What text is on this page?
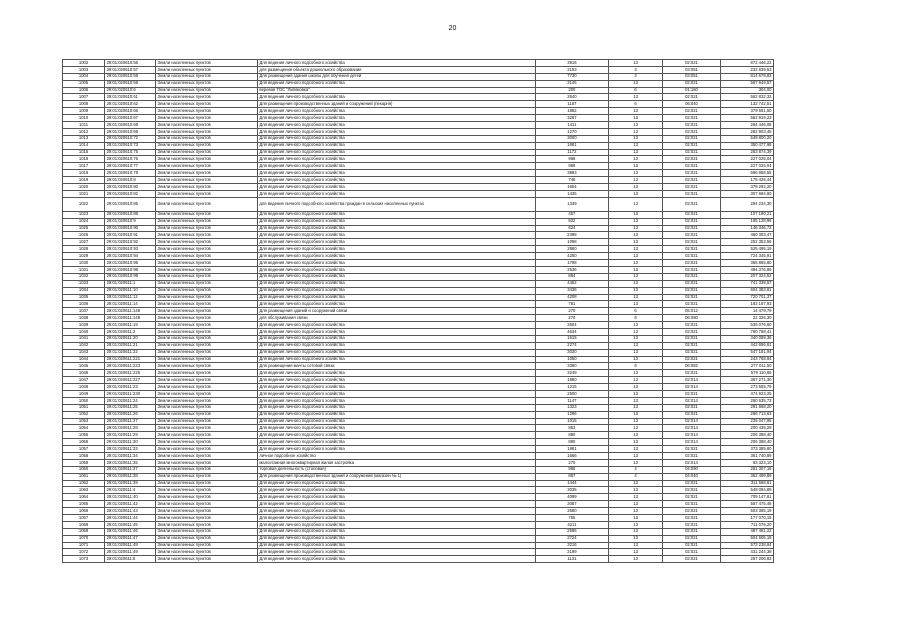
20
1002	29:01:020610:56	Земли населенных пунктов	Для ведения личного подсобного хозяйства	3916	13	02:021	672 446,22
1003	29:01:020610:57	Земли населенных пунктов	для размещения объекта дошкольного образования	2193	3	03:051	232 839,53
1004	29:01:020610:58	Земли населенных пунктов	Для размещения здания школы для обучения детей	7730	3	03:051	814 678,83
1005	29:01:020610:59	Земли населенных пунктов	Для ведения личного подсобного хозяйства	3145	13	02:021	567 949,57
1006	29:01:020610:6	Земли населенных пунктов	веревая ТОС "Липяковка"	200	6	01:160	304,00
1007	29:01:020610:61	Земли населенных пунктов	Для ведения личного подсобного хозяйства	2640	13	02:021	562 832,32
1008	29:01:020610:62	Земли населенных пунктов	Для размещения производственных зданий и сооружений (пекарня)	1167	6	06:040	132 742,51
1009	29:01:020610:66	Земли населенных пунктов	Для ведения личного подсобного хозяйства	1882	13	02:021	379 591,50
1010	29:01:020610:67	Земли населенных пунктов	Для ведения личного подсобного хозяйства	3267	13	02:021	562 919,23
1011	29:01:020610:68	Земли населенных пунктов	Для ведения личного подсобного хозяйства	1411	13	02:021	264 446,08
1012	29:01:020610:69	Земли населенных пунктов	Для ведения личного подсобного хозяйства	1270	13	02:021	282 903,45
1013	29:01:020610:72	Земли населенных пунктов	Для ведения личного подсобного хозяйства	3000	13	02:021	548 800,20
1014	29:01:020610:73	Земли населенных пунктов	Для ведения личного подсобного хозяйства	1681	13	02:021	350 477,98
1015	29:01:020610:75	Земли населенных пунктов	Для ведения личного подсобного хозяйства	1172	13	02:021	263 874,39
1016	29:01:020610:76	Земли населенных пунктов	Для ведения личного подсобного хозяйства	968	13	02:021	227 025,04
1017	29:01:020610:77	Земли населенных пунктов	Для ведения личного подсобного хозяйства	968	13	02:021	227 025,04
1018	29:01:020610:78	Земли населенных пунктов	Для ведения личного подсобного хозяйства	3893	13	02:021	666 958,55
1019	29:01:020610:8	Земли населенных пунктов	Для ведения личного подсобного хозяйства	748	13	02:021	175 426,44
1020	29:01:020610:80	Земли населенных пунктов	Для ведения личного подсобного хозяйства	1654	13	02:021	378 292,20
1021	29:01:020610:82	Земли населенных пунктов	Для ведения личного подсобного хозяйства	1435	13	02:021	307 684,60
1022	29:01:020610:85	Земли населенных пунктов	для ведения личного подсобного хозяйства граждан в сельских населенных пунктах	1349	13	02:021	294 234,30
1023	29:01:020610:88	Земли населенных пунктов	Для ведения личного подсобного хозяйства	457	13	02:021	107 180,21
1024	29:01:020610:9	Земли населенных пунктов	Для ведения личного подсобного хозяйства	832	13	02:021	195 128,96
1025	29:01:020610:90	Земли населенных пунктов	Для ведения личного подсобного хозяйства	624	13	02:021	146 346,72
1026	29:01:020610:91	Земли населенных пунктов	Для ведения личного подсобного хозяйства	2398	13	02:021	460 303,47
1027	29:01:020610:92	Земли населенных пунктов	Для ведения личного подсобного хозяйства	1098	13	02:021	252 353,56
1028	29:01:020610:93	Земли населенных пунктов	Для ведения личного подсобного хозяйства	2880	13	02:021	525 495,19
1029	29:01:020610:94	Земли населенных пунктов	Для ведения личного подсобного хозяйства	4250	13	02:021	724 345,91
1030	29:01:020610:95	Земли населенных пунктов	Для ведения личного подсобного хозяйства	1798	13	02:021	365 865,80
1031	29:01:020610:98	Земли населенных пунктов	Для ведения личного подсобного хозяйства	2536	13	02:021	494 376,86
1032	29:01:020610:99	Земли населенных пунктов	Для ведения личного подсобного хозяйства	884	13	02:021	207 324,52
1033	29:01:020611:1	Земли населенных пунктов	Для ведения личного подсобного хозяйства	4452	13	02:021	741 338,57
1034	29:01:020611:10	Земли населенных пунктов	Для ведения личного подсобного хозяйства	3436	13	02:021	604 383,81
1035	29:01:020611:12	Земли населенных пунктов	Для ведения личного подсобного хозяйства	4208	13	02:021	720 701,37
1036	29:01:020611:14	Земли населенных пунктов	Для ведения личного подсобного хозяйства	781	13	02:021	183 167,93
1037	29:01:020611:148	Земли населенных пунктов	Для размещения зданий и сооружений связи	270	6	05:012	14 479,79
1038	29:01:020611:149	Земли населенных пунктов	для обслуживания связи	270	6	06:080	22 326,30
1039	29:01:020611:19	Земли населенных пунктов	Для ведения личного подсобного хозяйства	2604	13	02:021	536 076,60
1040	29:01:020611:2	Земли населенных пунктов	Для ведения личного подсобного хозяйства	4634	13	02:021	760 768,41
1041	29:01:020611:20	Земли населенных пунктов	Для ведения личного подсобного хозяйства	1615	13	02:021	340 089,36
1042	29:01:020611:21	Земли населенных пунктов	Для ведения личного подсобного хозяйства	2274	13	02:021	442 656,61
1043	29:01:020611:22	Земли населенных пунктов	Для ведения личного подсобного хозяйства	3030	13	02:021	547 181,94
1044	29:01:020611:221	Земли населенных пунктов	Для ведения личного подсобного хозяйства	1050	13	02:021	243 768,94
1045	29:01:020611:223	Земли населенных пунктов	Для размещения мачты сотовой связи	3390	6	06:082	277 011,50
1046	29:01:020611:225	Земли населенных пунктов	Для ведения личного подсобного хозяйства	3249	13	02:021	579 110,86
1047	29:01:020611:227	Земли населенных пунктов	Для ведения личного подсобного хозяйства	1880	13	02:014	367 271,30
1048	29:01:020611:23	Земли населенных пунктов	Для ведения личного подсобного хозяйства	1215	13	02:014	273 555,79
1049	29:01:020611:230	Земли населенных пунктов	Для ведения личного подсобного хозяйства	2500	13	02:021	474 923,25
1050	29:01:020611:24	Земли населенных пунктов	Для ведения личного подсобного хозяйства	1147	13	02:014	260 535,73
1051	29:01:020611:25	Земли населенных пунктов	Для ведения личного подсобного хозяйства	1323	13	02:021	291 668,20
1052	29:01:020611:26	Земли населенных пунктов	Для ведения личного подсобного хозяйства	1296	13	02:021	286 713,63
1053	29:01:020611:27	Земли населенных пунктов	Для ведения личного подсобного хозяйства	1015	13	02:014	235 047,95
1054	29:01:020611:28	Земли населенных пунктов	Для ведения личного подсобного хозяйства	853	13	02:014	200 435,29
1055	29:01:020611:29	Земли населенных пунктов	Для ведения личного подсобного хозяйства	880	13	02:014	206 388,40
1056	29:01:020611:30	Земли населенных пунктов	Для ведения личного подсобного хозяйства	880	13	02:014	206 388,40
1057	29:01:020611:33	Земли населенных пунктов	Для ведения личного подсобного хозяйства	1881	13	02:021	373 389,80
1058	29:01:020611:34	Земли населенных пунктов	личное подсобное хозяйство	1666	13	02:021	361 740,89
1059	29:01:020611:35	Земли населенных пунктов	малоэтажная многоквартирная жилая застройка	270	13	02:014	63 323,10
1060	29:01:020611:37	Земли населенных пунктов	торговая деятельность (столовая)	968	4	04:090	281 307,18
1061	29:01:020611:38	Земли населенных пунктов	Для размещения производственных зданий и сооружений (магазин № 1)	887	4	04:040	362 499,86
1062	29:01:020611:39	Земли населенных пунктов	Для ведения личного подсобного хозяйства	1444	13	02:021	311 568,61
1063	29:01:020611:4	Земли населенных пунктов	Для ведения личного подсобного хозяйства	3035	13	02:021	548 084,88
1064	29:01:020611:40	Земли населенных пунктов	Для ведения личного подсобного хозяйства	4099	13	02:021	709 147,81
1065	29:01:020611:42	Земли населенных пунктов	Для ведения личного подсобного хозяйства	3087	13	02:021	557 475,46
1066	29:01:020611:43	Земли населенных пунктов	Для ведения личного подсобного хозяйства	2680	13	02:021	503 385,19
1067	29:01:020611:44	Земли населенных пунктов	Для ведения личного подсобного хозяйства	755	13	02:021	177 070,15
1068	29:01:020611:45	Земли населенных пунктов	Для ведения личного подсобного хозяйства	4211	13	02:021	711 076,20
1069	29:01:020611:46	Земли населенных пунктов	Для ведения личного подсобного хозяйства	2596	13	02:021	487 481,22
1070	29:01:020611:47	Земли населенных пунктов	Для ведения личного подсобного хозяйства	2724	13	02:021	504 605,18
1071	29:01:020611:48	Земли населенных пунктов	Для ведения личного подсобного хозяйства	3216	13	02:021	573 238,84
1072	29:01:020611:49	Земли населенных пунктов	Для ведения личного подсобного хозяйства	2199	13	02:021	431 244,38
1073	29:01:020611:5	Земли населенных пунктов	Для ведения личного подсобного хозяйства	1131	13	02:021	257 206,83
